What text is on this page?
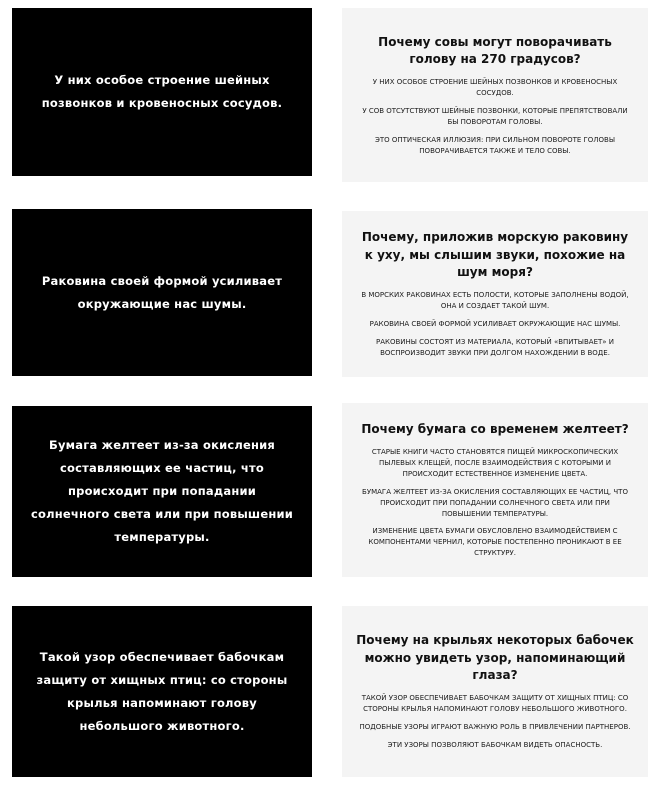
У них особое строение шейных позвонков и кровеносных сосудов.
Почему совы могут поворачивать голову на 270 градусов?
У НИХ ОСОБОЕ СТРОЕНИЕ ШЕЙНЫХ ПОЗВОНКОВ И КРОВЕНОСНЫХ СОСУДОВ.
У СОВ ОТСУТСТВУЮТ ШЕЙНЫЕ ПОЗВОНКИ, КОТОРЫЕ ПРЕПЯТСТВОВАЛИ БЫ ПОВОРОТАМ ГОЛОВЫ.
ЭТО ОПТИЧЕСКАЯ ИЛЛЮЗИЯ: ПРИ СИЛЬНОМ ПОВОРОТЕ ГОЛОВЫ ПОВОРАЧИВАЕТСЯ ТАКЖЕ И ТЕЛО СОВЫ.
Раковина своей формой усиливает окружающие нас шумы.
Почему, приложив морскую раковину к уху, мы слышим звуки, похожие на шум моря?
В МОРСКИХ РАКОВИНАХ ЕСТЬ ПОЛОСТИ, КОТОРЫЕ ЗАПОЛНЕНЫ ВОДОЙ, ОНА И СОЗДАЕТ ТАКОЙ ШУМ.
РАКОВИНА СВОЕЙ ФОРМОЙ УСИЛИВАЕТ ОКРУЖАЮЩИЕ НАС ШУМЫ.
РАКОВИНЫ СОСТОЯТ ИЗ МАТЕРИАЛА, КОТОРЫЙ «ВПИТЫВАЕТ» И ВОСПРОИЗВОДИТ ЗВУКИ ПРИ ДОЛГОМ НАХОЖДЕНИИ В ВОДЕ.
Бумага желтеет из-за окисления составляющих ее частиц, что происходит при попадании солнечного света или при повышении температуры.
Почему бумага со временем желтеет?
СТАРЫЕ КНИГИ ЧАСТО СТАНОВЯТСЯ ПИЩЕЙ МИКРОСКОПИЧЕСКИХ ПЫЛЕВЫХ КЛЕЩЕЙ, ПОСЛЕ ВЗАИМОДЕЙСТВИЯ С КОТОРЫМИ И ПРОИСХОДИТ ЕСТЕСТВЕННОЕ ИЗМЕНЕНИЕ ЦВЕТА.
БУМАГА ЖЕЛТЕЕТ ИЗ-ЗА ОКИСЛЕНИЯ СОСТАВЛЯЮЩИХ ЕЕ ЧАСТИЦ, ЧТО ПРОИСХОДИТ ПРИ ПОПАДАНИИ СОЛНЕЧНОГО СВЕТА ИЛИ ПРИ ПОВЫШЕНИИ ТЕМПЕРАТУРЫ.
ИЗМЕНЕНИЕ ЦВЕТА БУМАГИ ОБУСЛОВЛЕНО ВЗАИМОДЕЙСТВИЕМ С КОМПОНЕНТАМИ ЧЕРНИЛ, КОТОРЫЕ ПОСТЕПЕННО ПРОНИКАЮТ В ЕЕ СТРУКТУРУ.
Такой узор обеспечивает бабочкам защиту от хищных птиц: со стороны крылья напоминают голову небольшого животного.
Почему на крыльях некоторых бабочек можно увидеть узор, напоминающий глаза?
ТАКОЙ УЗОР ОБЕСПЕЧИВАЕТ БАБОЧКАМ ЗАЩИТУ ОТ ХИЩНЫХ ПТИЦ: СО СТОРОНЫ КРЫЛЬЯ НАПОМИНАЮТ ГОЛОВУ НЕБОЛЬШОГО ЖИВОТНОГО.
ПОДОБНЫЕ УЗОРЫ ИГРАЮТ ВАЖНУЮ РОЛЬ В ПРИВЛЕЧЕНИИ ПАРТНЕРОВ.
ЭТИ УЗОРЫ ПОЗВОЛЯЮТ БАБОЧКАМ ВИДЕТЬ ОПАСНОСТЬ.
